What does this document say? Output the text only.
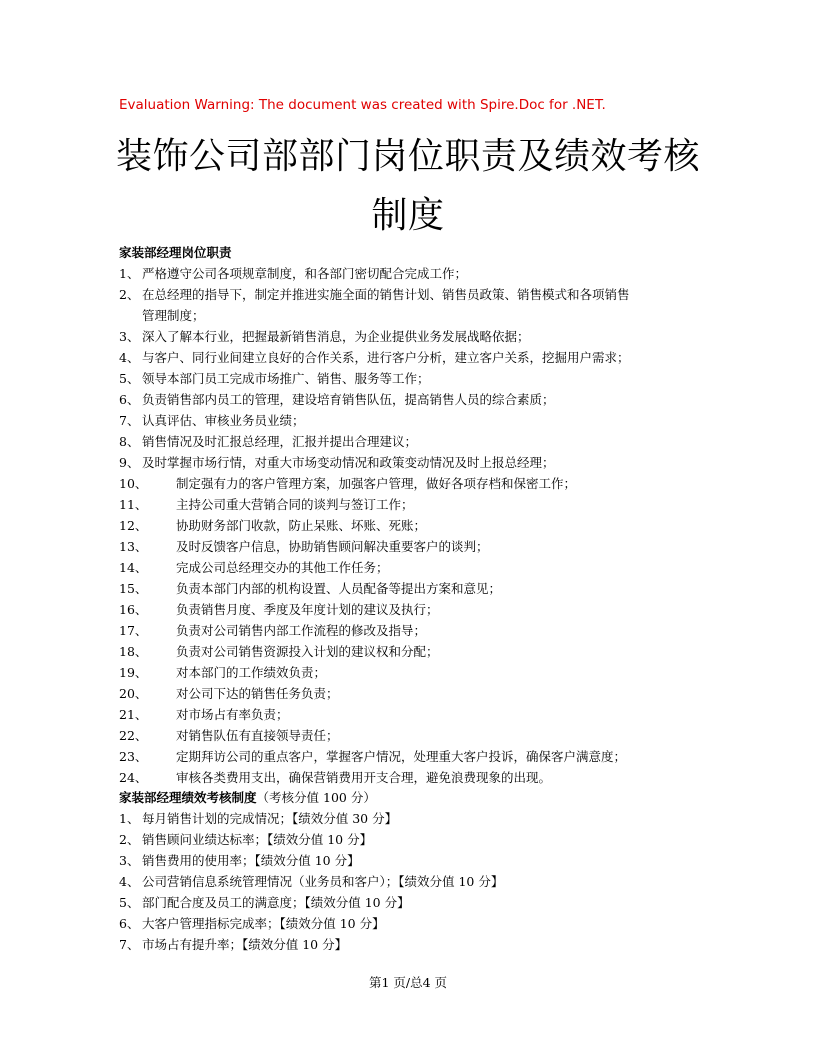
Evaluation Warning: The document was created with Spire.Doc for .NET.
装饰公司部部门岗位职责及绩效考核
制度
家装部经理岗位职责
1、 严格遵守公司各项规章制度，和各部门密切配合完成工作；
2、 在总经理的指导下，制定并推进实施全面的销售计划、销售员政策、销售模式和各项销售
管理制度；
3、 深入了解本行业，把握最新销售消息，为企业提供业务发展战略依据；
4、 与客户、同行业间建立良好的合作关系，进行客户分析，建立客户关系，挖掘用户需求；
5、 领导本部门员工完成市场推广、销售、服务等工作；
6、 负责销售部内员工的管理，建设培育销售队伍，提高销售人员的综合素质；
7、 认真评估、审核业务员业绩；
8、 销售情况及时汇报总经理，汇报并提出合理建议；
9、 及时掌握市场行情，对重大市场变动情况和政策变动情况及时上报总经理；
10、	制定强有力的客户管理方案，加强客户管理，做好各项存档和保密工作；
11、	主持公司重大营销合同的谈判与签订工作；
12、	协助财务部门收款，防止呆账、坏账、死账；
13、	及时反馈客户信息，协助销售顾问解决重要客户的谈判；
14、	完成公司总经理交办的其他工作任务；
15、	负责本部门内部的机构设置、人员配备等提出方案和意见；
16、	负责销售月度、季度及年度计划的建议及执行；
17、	负责对公司销售内部工作流程的修改及指导；
18、	负责对公司销售资源投入计划的建议权和分配；
19、	对本部门的工作绩效负责；
20、	对公司下达的销售任务负责；
21、	对市场占有率负责；
22、	对销售队伍有直接领导责任；
23、	定期拜访公司的重点客户，掌握客户情况，处理重大客户投诉，确保客户满意度；
24、	审核各类费用支出，确保营销费用开支合理，避免浪费现象的出现。
家装部经理绩效考核制度（考核分值 100 分）
1、 每月销售计划的完成情况；【绩效分值 30 分】
2、 销售顾问业绩达标率；【绩效分值 10 分】
3、 销售费用的使用率；【绩效分值 10 分】
4、 公司营销信息系统管理情况（业务员和客户）；【绩效分值 10 分】
5、 部门配合度及员工的满意度；【绩效分值 10 分】
6、 大客户管理指标完成率；【绩效分值 10 分】
7、 市场占有提升率；【绩效分值 10 分】
第1 页/总4 页
